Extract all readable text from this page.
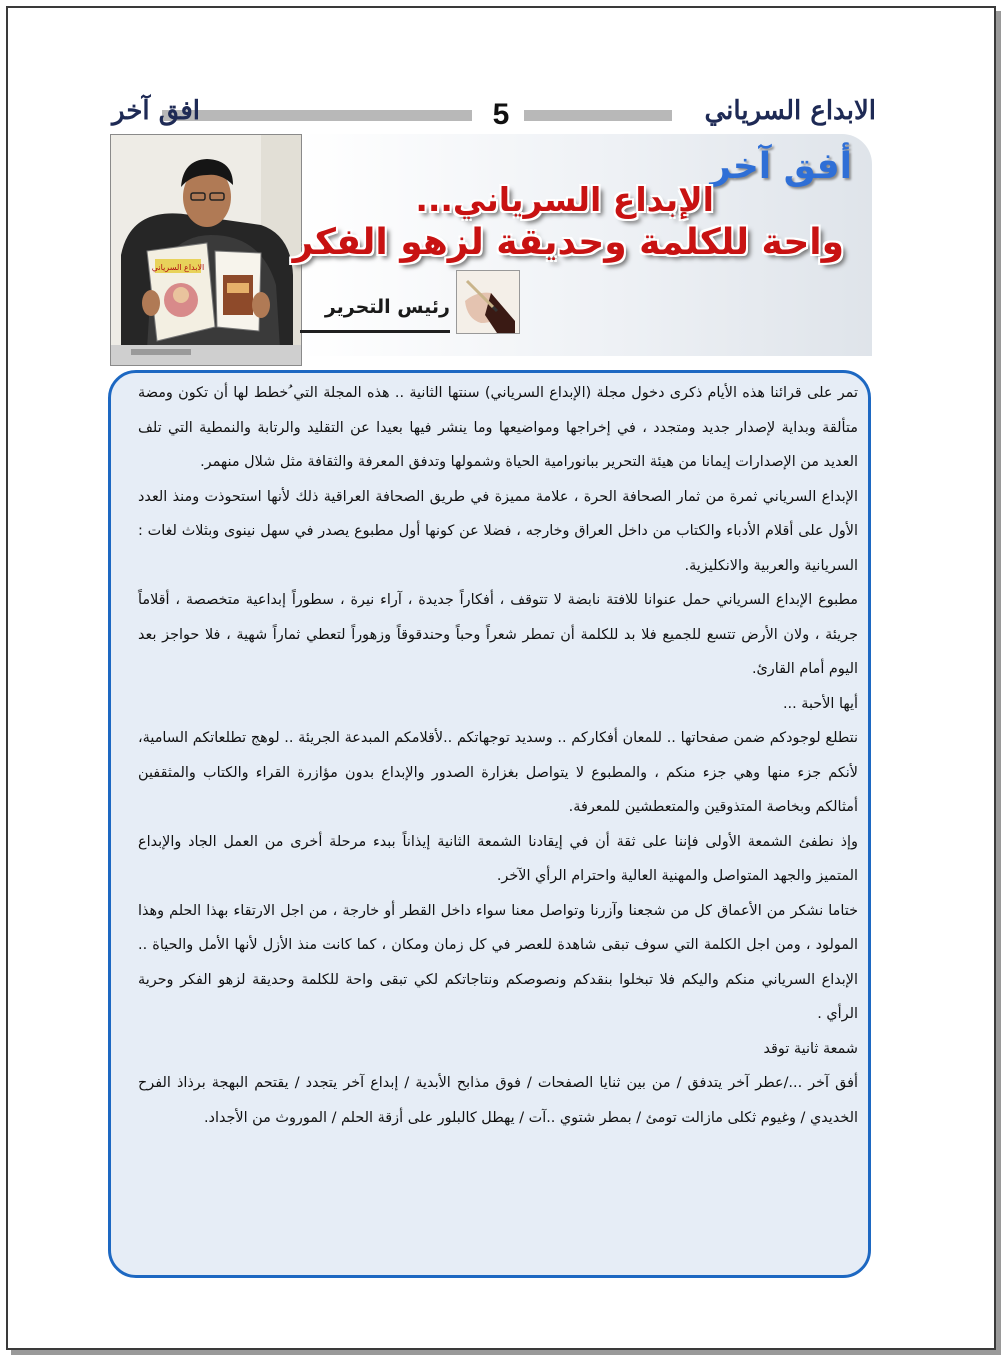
الابداع السرياني
5
افق آخر
الابداع السرياني
أفق آخر
الإبداع السرياني...
واحة للكلمة وحديقة لزهو الفكر
رئيس التحرير

تمر على قرائنا هذه الأيام ذكرى دخول مجلة (الإبداع السرياني) سنتها الثانية .. هذه المجلة التي ُخطط لها أن تكون ومضة متألقة وبداية لإصدار جديد ومتجدد ، في إخراجها ومواضيعها وما ينشر فيها بعيدا عن التقليد والرتابة والنمطية التي تلف العديد من الإصدارات إيمانا من هيئة التحرير ببانورامية الحياة وشمولها وتدفق المعرفة والثقافة مثل شلال منهمر.

الإبداع السرياني ثمرة من ثمار الصحافة الحرة ، علامة مميزة في طريق الصحافة العراقية ذلك لأنها استحوذت ومنذ العدد الأول على أقلام الأدباء والكتاب من داخل العراق وخارجه ، فضلا عن كونها أول مطبوع يصدر في سهل نينوى وبثلاث لغات : السريانية والعربية والانكليزية.

مطبوع الإبداع السرياني حمل عنوانا للافتة نابضة لا تتوقف ، أفكاراً جديدة ، آراء نيرة ، سطوراً إبداعية متخصصة ، أقلاماً جريئة ، ولان الأرض تتسع للجميع فلا بد للكلمة أن تمطر شعراً وحباً وحندقوقاً وزهوراً لتعطي ثماراً شهية ، فلا حواجز بعد اليوم أمام القارئ.

أيها الأحبة ...

نتطلع لوجودكم ضمن صفحاتها .. للمعان أفكاركم .. وسديد توجهاتكم ..لأقلامكم المبدعة الجريئة .. لوهج تطلعاتكم السامية، لأنكم جزء منها وهي جزء منكم ، والمطبوع لا يتواصل بغزارة الصدور والإبداع بدون مؤازرة القراء والكتاب والمثقفين أمثالكم وبخاصة المتذوقين والمتعطشين للمعرفة.

وإذ نطفئ الشمعة الأولى فإننا على ثقة أن في إيقادنا الشمعة الثانية إيذاناً ببدء مرحلة أخرى من العمل الجاد والإبداع المتميز والجهد المتواصل والمهنية العالية واحترام الرأي الآخر.

ختاما نشكر من الأعماق كل من شجعنا وآزرنا وتواصل معنا سواء داخل القطر أو خارجة ، من اجل الارتقاء بهذا الحلم وهذا المولود ، ومن اجل الكلمة التي سوف تبقى شاهدة للعصر في كل زمان ومكان ، كما كانت منذ الأزل لأنها الأمل والحياة .. الإبداع السرياني منكم واليكم فلا تبخلوا بنقدكم ونصوصكم ونتاجاتكم لكي تبقى واحة للكلمة وحديقة لزهو الفكر وحرية الرأي .

شمعة ثانية توقد

أفق آخر .../عطر آخر يتدفق / من بين ثنايا الصفحات / فوق مذابح الأبدية / إبداع آخر يتجدد / يقتحم البهجة برذاذ الفرح الخديدي / وغيوم ثكلى مازالت تومئ / بمطر شتوي ..آت / يهطل كالبلور على أزقة الحلم / الموروث من الأجداد.
